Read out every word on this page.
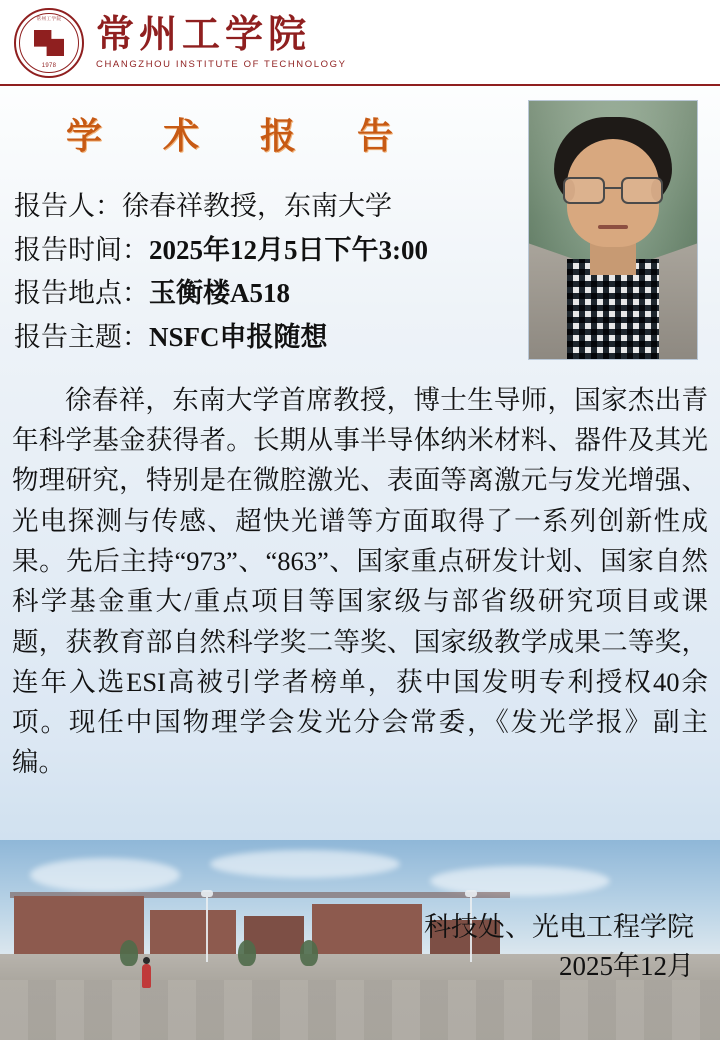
常州工学院
1978
常州工学院
CHANGZHOU INSTITUTE OF TECHNOLOGY
学 术 报 告
报告人：徐春祥教授，东南大学
报告时间：2025年12月5日下午3:00
报告地点：玉衡楼A518
报告主题：NSFC申报随想
徐春祥，东南大学首席教授，博士生导师，国家杰出青年科学基金获得者。长期从事半导体纳米材料、器件及其光物理研究，特别是在微腔激光、表面等离激元与发光增强、光电探测与传感、超快光谱等方面取得了一系列创新性成果。先后主持“973”、“863”、国家重点研发计划、国家自然科学基金重大/重点项目等国家级与部省级研究项目或课题，获教育部自然科学奖二等奖、国家级教学成果二等奖，连年入选ESI高被引学者榜单，获中国发明专利授权40余项。现任中国物理学会发光分会常委，《发光学报》副主编。
科技处、光电工程学院
2025年12月
